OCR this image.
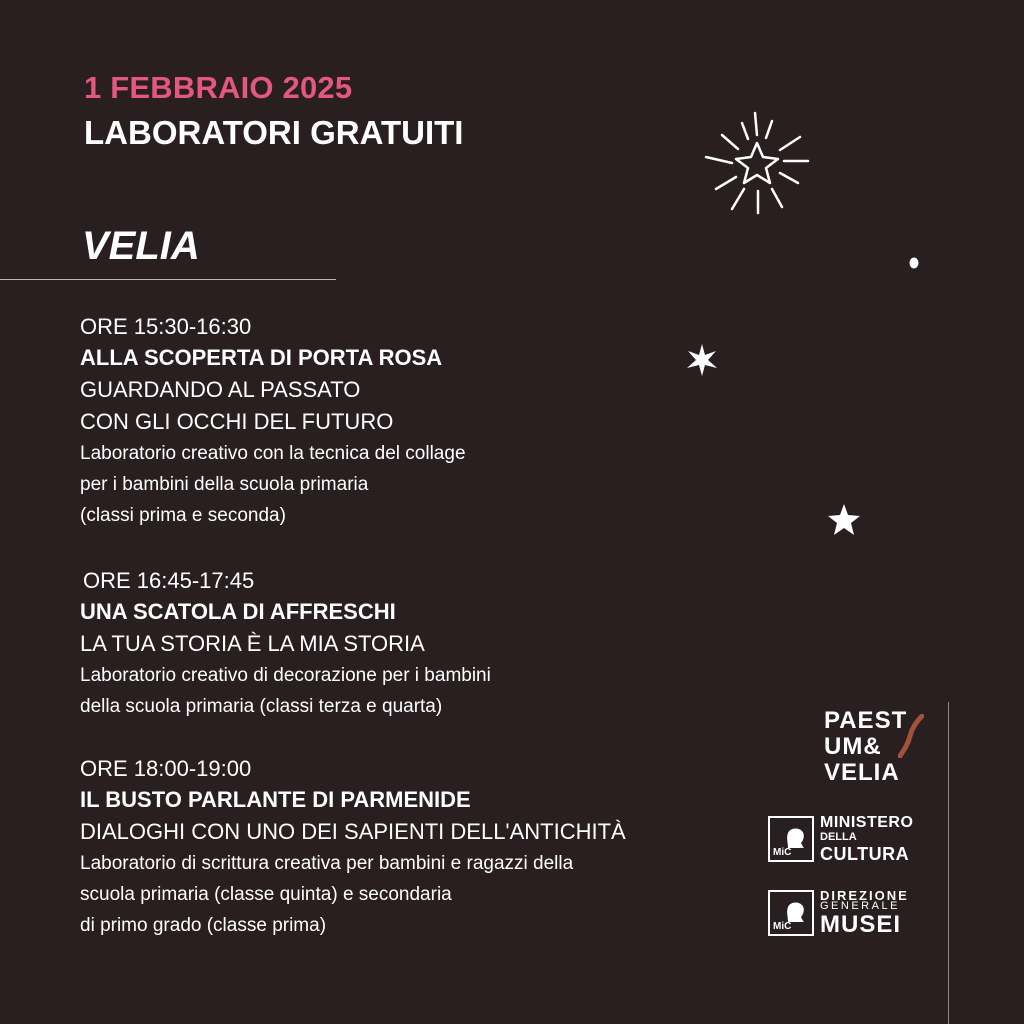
1 FEBBRAIO 2025
LABORATORI GRATUITI
VELIA
ORE 15:30-16:30
ALLA SCOPERTA DI PORTA ROSA
GUARDANDO AL PASSATO
CON GLI OCCHI DEL FUTURO
Laboratorio creativo con la tecnica del collage
per i bambini della scuola primaria
(classi prima e seconda)
ORE 16:45-17:45
UNA SCATOLA DI AFFRESCHI
LA TUA STORIA È LA MIA STORIA
Laboratorio creativo di decorazione per i bambini
della scuola primaria (classi terza e quarta)
ORE 18:00-19:00
IL BUSTO PARLANTE DI PARMENIDE
DIALOGHI CON UNO DEI SAPIENTI DELL'ANTICHITÀ
Laboratorio di scrittura creativa per bambini e ragazzi della
scuola primaria (classe quinta) e secondaria
di primo grado (classe prima)
PAEST
UM&
VELIA
MiC
MINISTERO
DELLA
CULTURA
MiC
DIREZIONE
GENERALE
MUSEI
